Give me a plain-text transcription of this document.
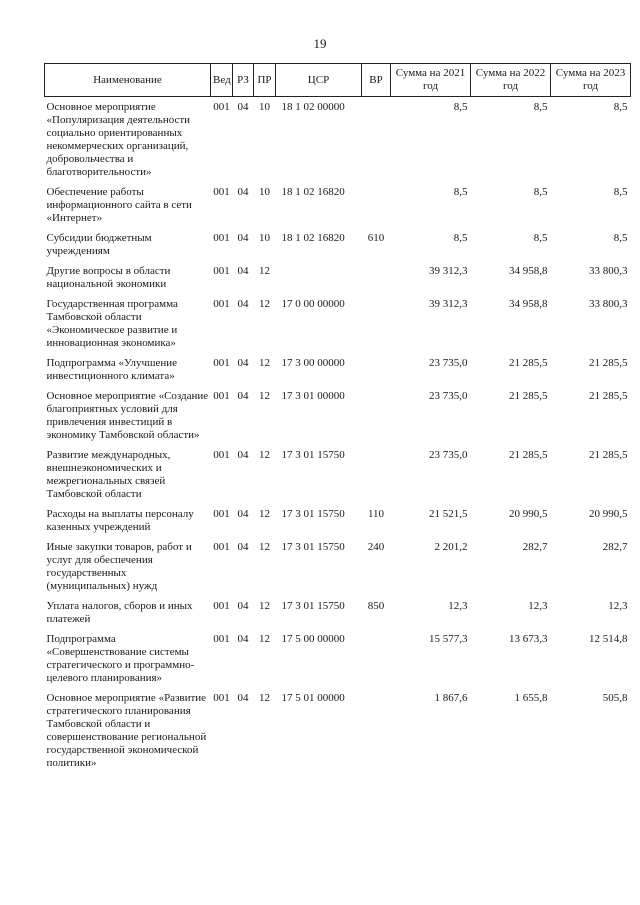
19
Наименование	Вед	РЗ	ПР	ЦСР	ВР	Сумма на 2021 год	Сумма на 2022 год	Сумма на 2023 год
Основное мероприятие «Популяризация деятельности социально ориентированных некоммерческих организаций, добровольчества и благотворительности»	001	04	10	18 1 02 00000		8,5	8,5	8,5
Обеспечение работы информационного сайта в сети «Интернет»	001	04	10	18 1 02 16820		8,5	8,5	8,5
Субсидии бюджетным учреждениям	001	04	10	18 1 02 16820	610	8,5	8,5	8,5
Другие вопросы в области национальной экономики	001	04	12			39 312,3	34 958,8	33 800,3
Государственная программа Тамбовской области «Экономическое развитие и инновационная экономика»	001	04	12	17 0 00 00000		39 312,3	34 958,8	33 800,3
Подпрограмма «Улучшение инвестиционного климата»	001	04	12	17 3 00 00000		23 735,0	21 285,5	21 285,5
Основное мероприятие «Создание благоприятных условий для привлечения инвестиций в экономику Тамбовской области»	001	04	12	17 3 01 00000		23 735,0	21 285,5	21 285,5
Развитие международных, внешнеэкономических и межрегиональных связей Тамбовской области	001	04	12	17 3 01 15750		23 735,0	21 285,5	21 285,5
Расходы на выплаты персоналу казенных учреждений	001	04	12	17 3 01 15750	110	21 521,5	20 990,5	20 990,5
Иные закупки товаров, работ и услуг для обеспечения государственных (муниципальных) нужд	001	04	12	17 3 01 15750	240	2 201,2	282,7	282,7
Уплата налогов, сборов и иных платежей	001	04	12	17 3 01 15750	850	12,3	12,3	12,3
Подпрограмма «Совершенствование системы стратегического и программно-целевого планирования»	001	04	12	17 5 00 00000		15 577,3	13 673,3	12 514,8
Основное мероприятие «Развитие стратегического планирования Тамбовской области и совершенствование региональной государственной экономической политики»	001	04	12	17 5 01 00000		1 867,6	1 655,8	505,8
